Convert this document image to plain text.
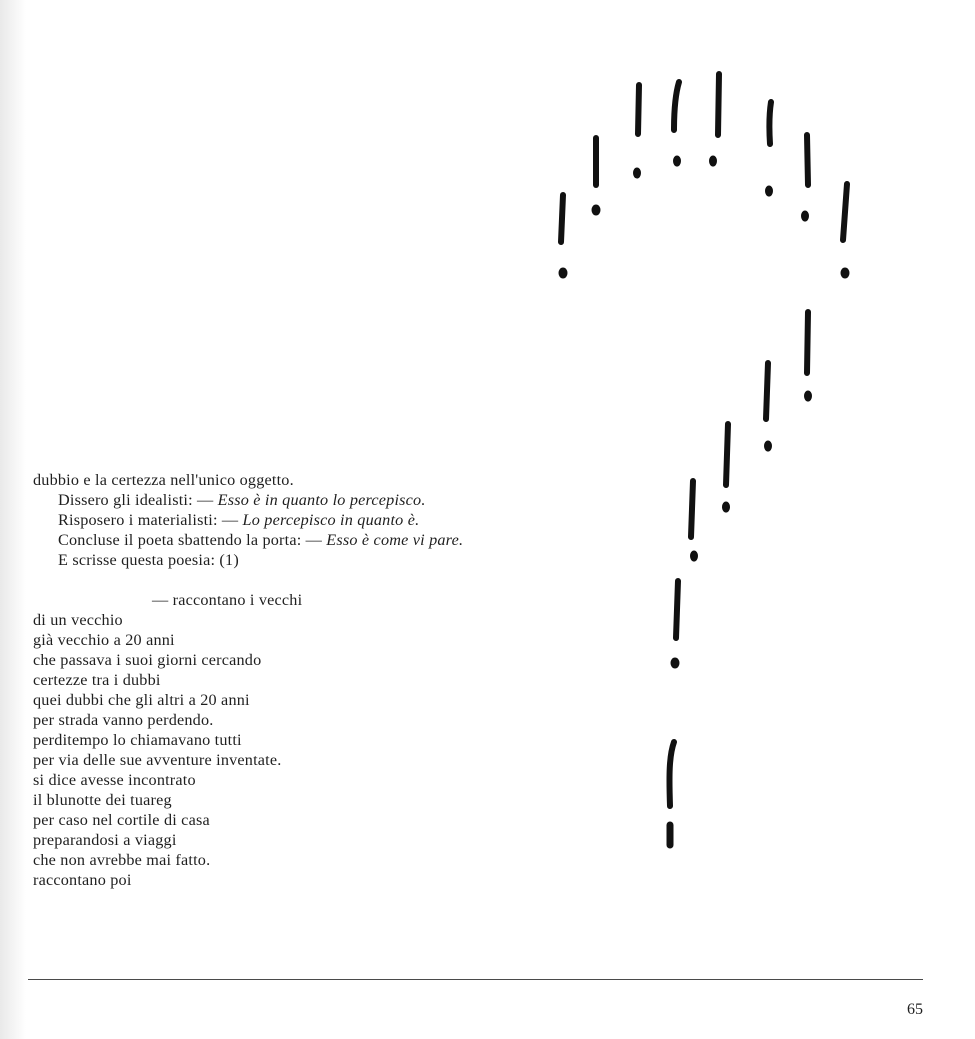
dubbio e la certezza nell'unico oggetto.

Dissero gli idealisti: — Esso è in quanto lo percepisco.

Risposero i materialisti: — Lo percepisco in quanto è.

Concluse il poeta sbattendo la porta: — Esso è come vi pare.

E scrisse questa poesia: (1)

— raccontano i vecchi
di un vecchio
già vecchio a 20 anni
che passava i suoi giorni cercando
certezze tra i dubbi
quei dubbi che gli altri a 20 anni
per strada vanno perdendo.
perditempo lo chiamavano tutti
per via delle sue avventure inventate.
si dice avesse incontrato
il blunotte dei tuareg
per caso nel cortile di casa
preparandosi a viaggi
che non avrebbe mai fatto.
raccontano poi
65
